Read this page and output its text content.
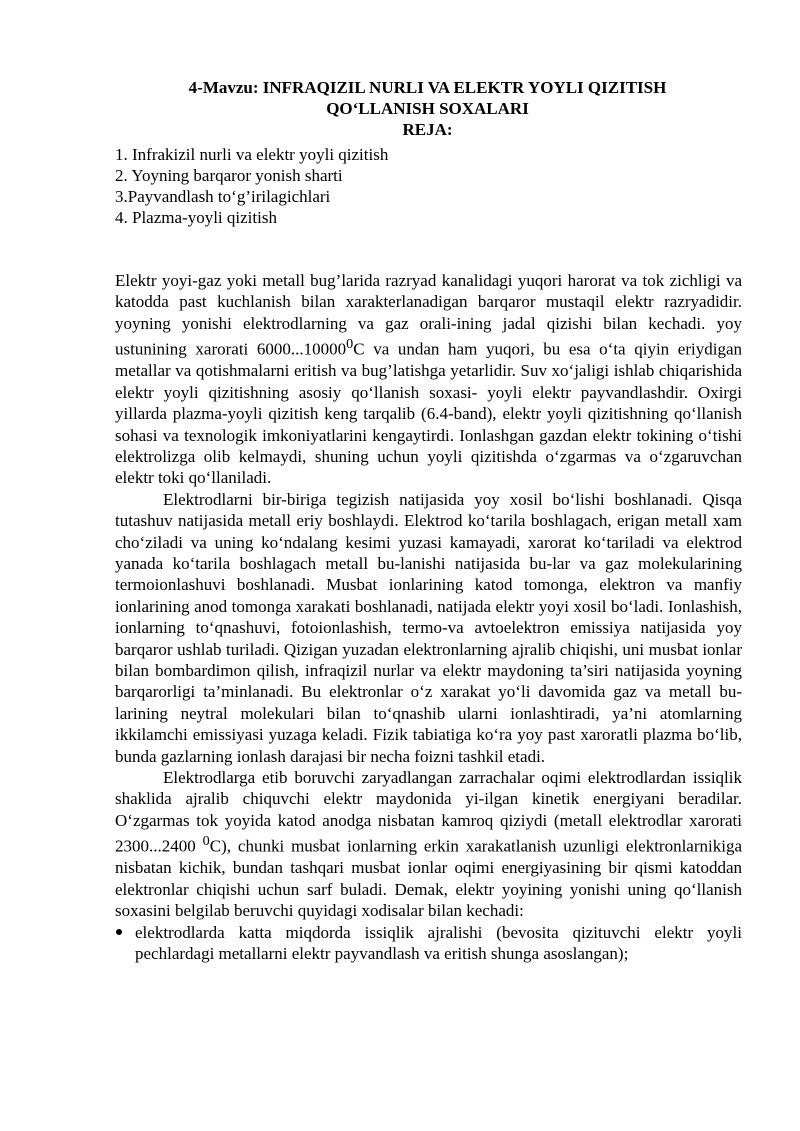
4-Mavzu: INFRAQIZIL NURLI VA ELEKTR YOYLI QIZITISH
QO‘LLANISH SOXALARI
REJA:
1. Infrakizil nurli va elektr yoyli qizitish
2. Yoyning barqaror yonish sharti
3.Payvandlash to‘g’irilagichlari
4. Plazma-yoyli qizitish

Elektr yoyi-gaz yoki metall bug’larida razryad kanalidagi yuqori harorat va tok zichligi va katodda past kuchlanish bilan xarakterlanadigan barqaror mustaqil elektr razryadidir. yoyning yonishi elektrodlarning va gaz orali-ining jadal qizishi bilan kechadi. yoy ustunining xarorati 6000...10000$^0$C va undan ham yuqori, bu esa o‘ta qiyin eriydigan metallar va qotishmalarni eritish va bug’latishga yetarlidir. Suv xo‘jaligi ishlab chiqarishida elektr yoyli qizitishning asosiy qo‘llanish soxasi- yoyli elektr payvandlashdir. Oxirgi yillarda plazma-yoyli qizitish keng tarqalib (6.4-band), elektr yoyli qizitishning qo‘llanish sohasi va texnologik imkoniyatlarini kengaytirdi. Ionlashgan gazdan elektr tokining o‘tishi elektrolizga olib kelmaydi, shuning uchun yoyli qizitishda o‘zgarmas va o‘zgaruvchan elektr toki qo‘llaniladi.

Elektrodlarni bir-biriga tegizish natijasida yoy xosil bo‘lishi boshlanadi. Qisqa tutashuv natijasida metall eriy boshlaydi. Elektrod ko‘tarila boshlagach, erigan metall xam cho‘ziladi va uning ko‘ndalang kesimi yuzasi kamayadi, xarorat ko‘tariladi va elektrod yanada ko‘tarila boshlagach metall bu-lanishi natijasida bu-lar va gaz molekularining termoionlashuvi boshlanadi. Musbat ionlarining katod tomonga, elektron va manfiy ionlarining anod tomonga xarakati boshlanadi, natijada elektr yoyi xosil bo‘ladi. Ionlashish, ionlarning to‘qnashuvi, fotoionlashish, termo-va avtoelektron emissiya natijasida yoy barqaror ushlab turiladi. Qizigan yuzadan elektronlarning ajralib chiqishi, uni musbat ionlar bilan bombardimon qilish, infraqizil nurlar va elektr maydoning ta’siri natijasida yoyning barqarorligi ta’minlanadi. Bu elektronlar o‘z xarakat yo‘li davomida gaz va metall bu-larining neytral molekulari bilan to‘qnashib ularni ionlashtiradi, ya’ni atomlarning ikkilamchi emissiyasi yuzaga keladi. Fizik tabiatiga ko‘ra yoy past xaroratli plazma bo‘lib, bunda gazlarning ionlash darajasi bir necha foizni tashkil etadi.

Elektrodlarga etib boruvchi zaryadlangan zarrachalar oqimi elektrodlardan issiqlik shaklida ajralib chiquvchi elektr maydonida yi-ilgan kinetik energiyani beradilar. O‘zgarmas tok yoyida katod anodga nisbatan kamroq qiziydi (metall elektrodlar xarorati 2300...2400 $^0$C), chunki musbat ionlarning erkin xarakatlanish uzunligi elektronlarnikiga nisbatan kichik, bundan tashqari musbat ionlar oqimi energiyasining bir qismi katoddan elektronlar chiqishi uchun sarf buladi. Demak, elektr yoyining yonishi uning qo‘llanish soxasini belgilab beruvchi quyidagi xodisalar bilan kechadi:

elektrodlarda katta miqdorda issiqlik ajralishi (bevosita qizituvchi elektr yoyli pechlardagi metallarni elektr payvandlash va eritish shunga asoslangan);
